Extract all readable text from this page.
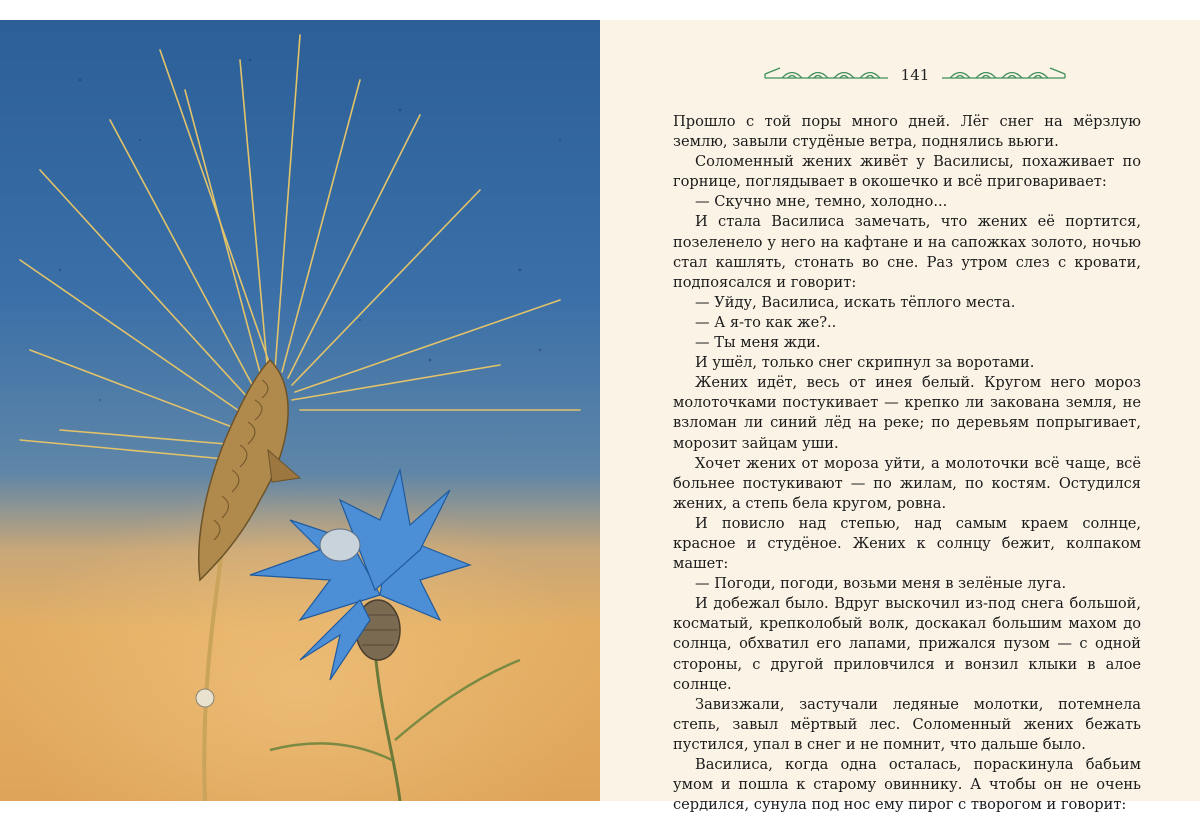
141

Прошло с той поры много дней. Лёг снег на мёрзлую землю, завыли студёные ветра, поднялись вьюги.

Соломенный жених живёт у Василисы, похаживает по горнице, поглядывает в окошечко и всё приговаривает:

— Скучно мне, темно, холодно...

И стала Василиса замечать, что жених её портится, позеленело у него на кафтане и на сапожках золото, ночью стал кашлять, стонать во сне. Раз утром слез с кровати, подпоясался и говорит:

— Уйду, Василиса, искать тёплого места.

— А я-то как же?..

— Ты меня жди.

И ушёл, только снег скрипнул за воротами.

Жених идёт, весь от инея белый. Кругом него мороз молоточками постукивает — крепко ли закована земля, не взломан ли синий лёд на реке; по деревьям попрыгивает, морозит зайцам уши.

Хочет жених от мороза уйти, а молоточки всё чаще, всё больнее постукивают — по жилам, по костям. Остудился жених, а степь бела кругом, ровна.

И повисло над степью, над самым краем солнце, красное и студёное. Жених к солнцу бежит, колпаком машет:

— Погоди, погоди, возьми меня в зелёные луга.

И добежал было. Вдруг выскочил из-под снега большой, косматый, крепколобый волк, доскакал большим махом до солнца, обхватил его лапами, прижался пузом — с одной стороны, с другой приловчился и вонзил клыки в алое солнце.

Завизжали, застучали ледяные молотки, потемнела степь, завыл мёртвый лес. Соломенный жених бежать пустился, упал в снег и не помнит, что дальше было.

Василиса, когда одна осталась, пораскинула бабьим умом и пошла к старому овиннику. А чтобы он не очень сердился, сунула под нос ему пирог с творогом и говорит:
